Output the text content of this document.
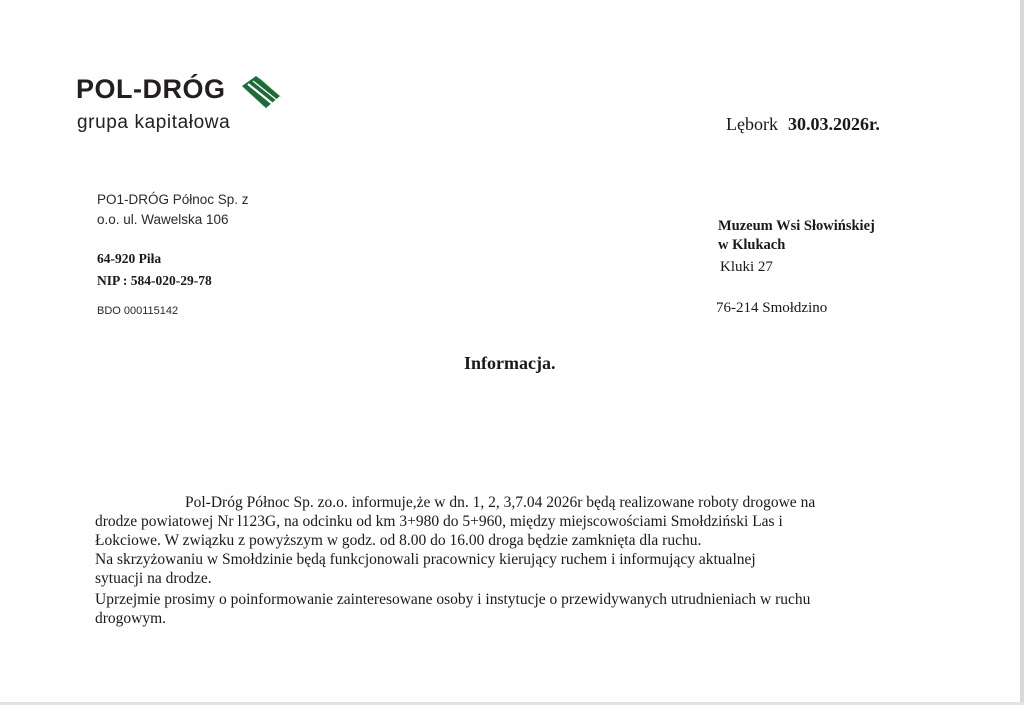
POL-DRÓG
grupa kapitałowa	Lębork 30.03.2026r.
PO1-DRÓG Północ Sp. z
o.o. ul. Wawelska 106
64-920 Piła
NIP : 584-020-29-78
BDO 000115142
Muzeum Wsi Słowińskiej
w Klukach
Kluki 27
76-214 Smołdzino
Informacja.
Pol-Dróg Północ Sp. zo.o. informuje,że w dn. 1, 2, 3,7.04 2026r będą realizowane roboty drogowe na
drodze powiatowej Nr l123G, na odcinku od km 3+980 do 5+960, między miejscowościami Smołdziński Las i
Łokciowe. W związku z powyższym w godz. od 8.00 do 16.00 droga będzie zamknięta dla ruchu.
Na skrzyżowaniu w Smołdzinie będą funkcjonowali pracownicy kierujący ruchem i informujący aktualnej
sytuacji na drodze.
Uprzejmie prosimy o poinformowanie zainteresowane osoby i instytucje o przewidywanych utrudnieniach w ruchu
drogowym.
